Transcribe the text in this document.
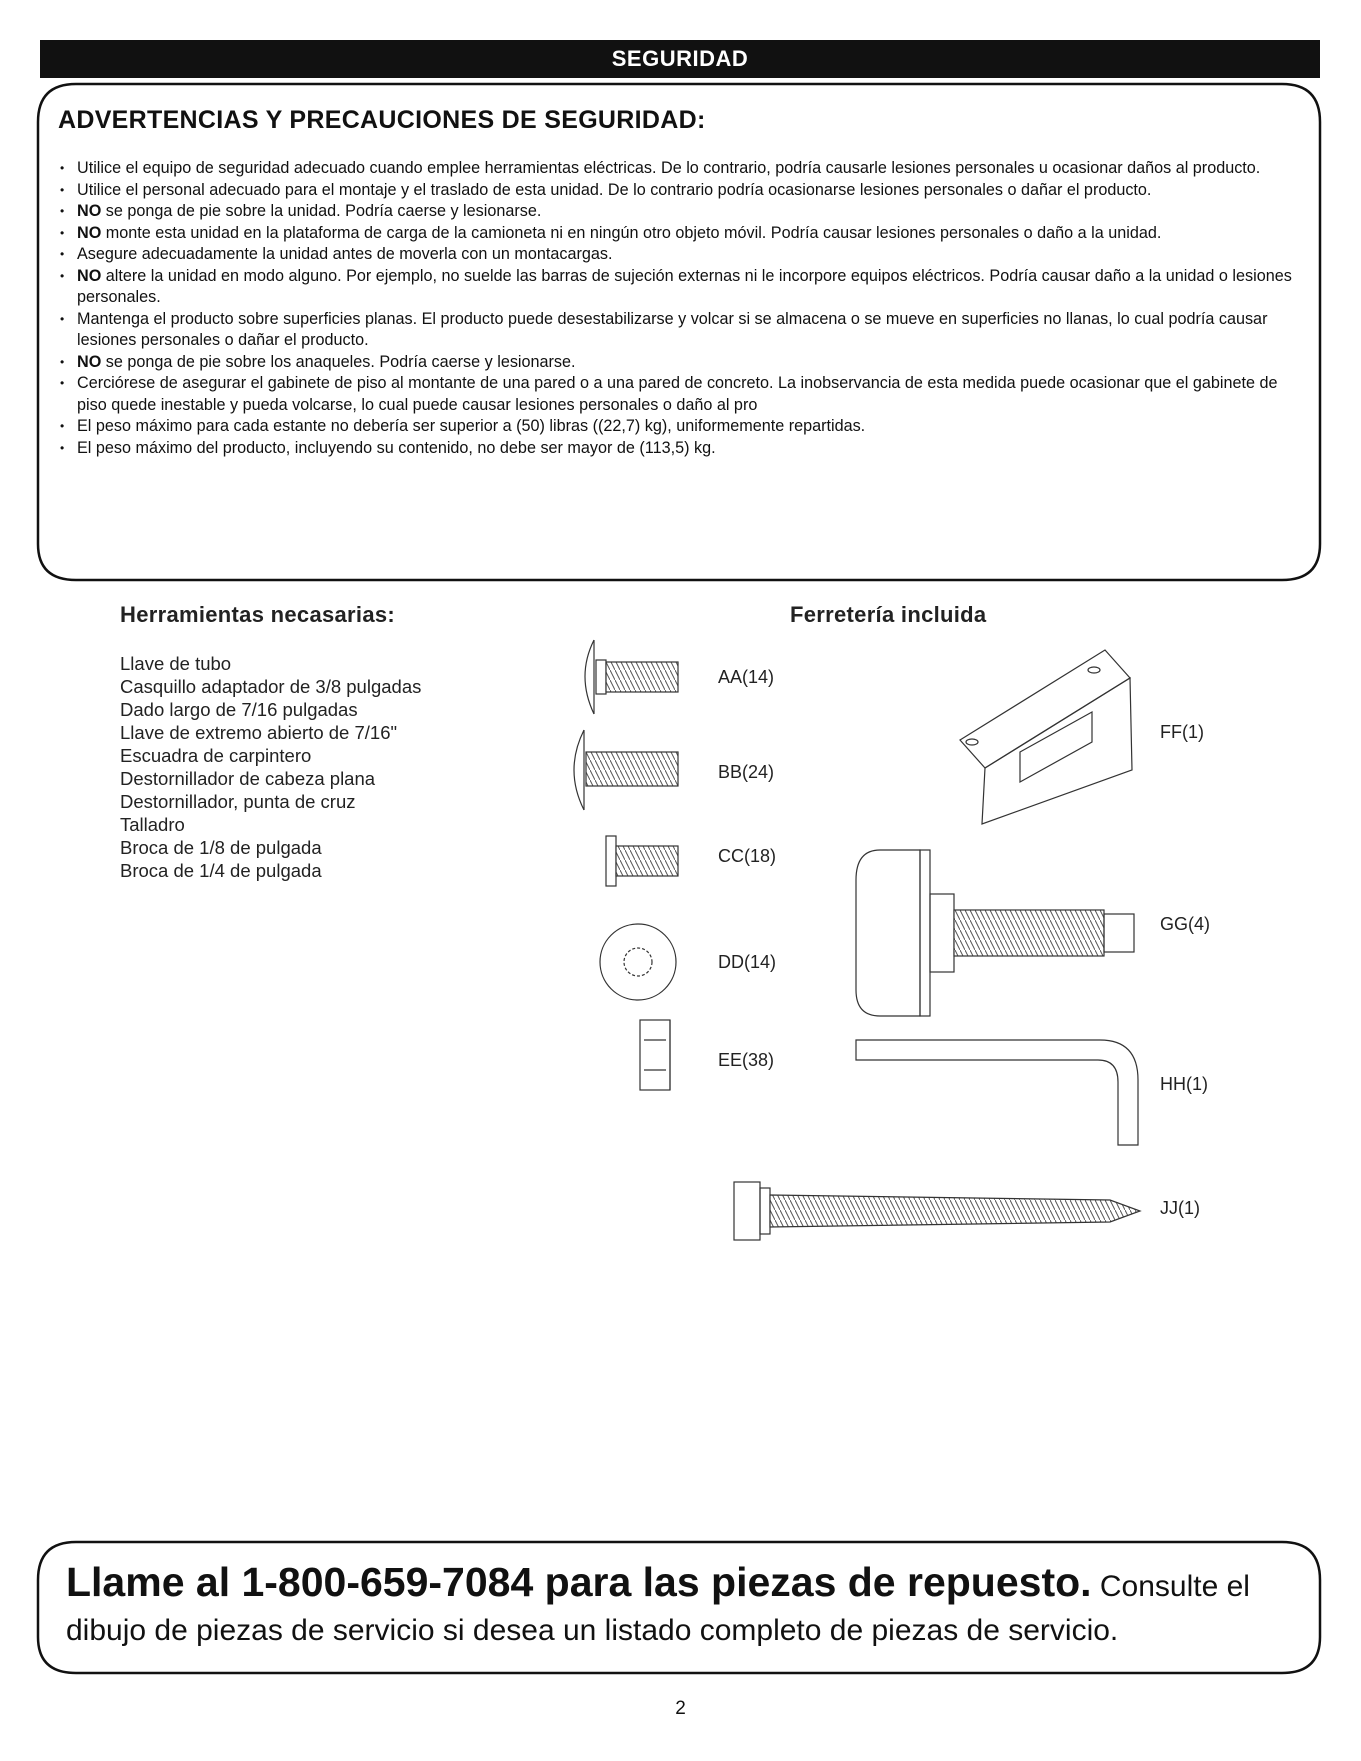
SEGURIDAD
ADVERTENCIAS Y PRECAUCIONES DE SEGURIDAD:
• Utilice el equipo de seguridad adecuado cuando emplee herramientas eléctricas. De lo contrario, podría causarle lesiones personales u ocasionar daños al producto.
• Utilice el personal adecuado para el montaje y el traslado de esta unidad. De lo contrario podría ocasionarse lesiones personales o dañar el producto.
• NO se ponga de pie sobre la unidad. Podría caerse y lesionarse.
• NO monte esta unidad en la plataforma de carga de la camioneta ni en ningún otro objeto móvil. Podría causar lesiones personales o daño a la unidad.
• Asegure adecuadamente la unidad antes de moverla con un montacargas.
• NO altere la unidad en modo alguno. Por ejemplo, no suelde las barras de sujeción externas ni le incorpore equipos eléctricos. Podría causar daño a la unidad o lesiones personales.
• Mantenga el producto sobre superficies planas. El producto puede desestabilizarse y volcar si se almacena o se mueve en superficies no llanas, lo cual podría causar lesiones personales o dañar el producto.
• NO se ponga de pie sobre los anaqueles. Podría caerse y lesionarse.
• Cerciórese de asegurar el gabinete de piso al montante de una pared o a una pared de concreto. La inobservancia de esta medida puede ocasionar que el gabinete de piso quede inestable y pueda volcarse, lo cual puede causar lesiones personales o daño al pro
• El peso máximo para cada estante no debería ser superior a (50) libras ((22,7) kg), uniformemente repartidas.
• El peso máximo del producto, incluyendo su contenido, no debe ser mayor de (113,5) kg.
Herramientas necasarias:
Llave de tubo
Casquillo adaptador de 3/8 pulgadas
Dado largo de 7/16 pulgadas
Llave de extremo abierto de 7/16"
Escuadra de carpintero
Destornillador de cabeza plana
Destornillador, punta de cruz
Talladro
Broca de 1/8 de pulgada
Broca de 1/4 de pulgada
Ferretería incluida
AA(14)
BB(24)
CC(18)
DD(14)
EE(38)
FF(1)
GG(4)
HH(1)
JJ(1)
Llame al 1-800-659-7084 para las piezas de repuesto. Consulte el dibujo de piezas de servicio si desea un listado completo de piezas de servicio.
2
